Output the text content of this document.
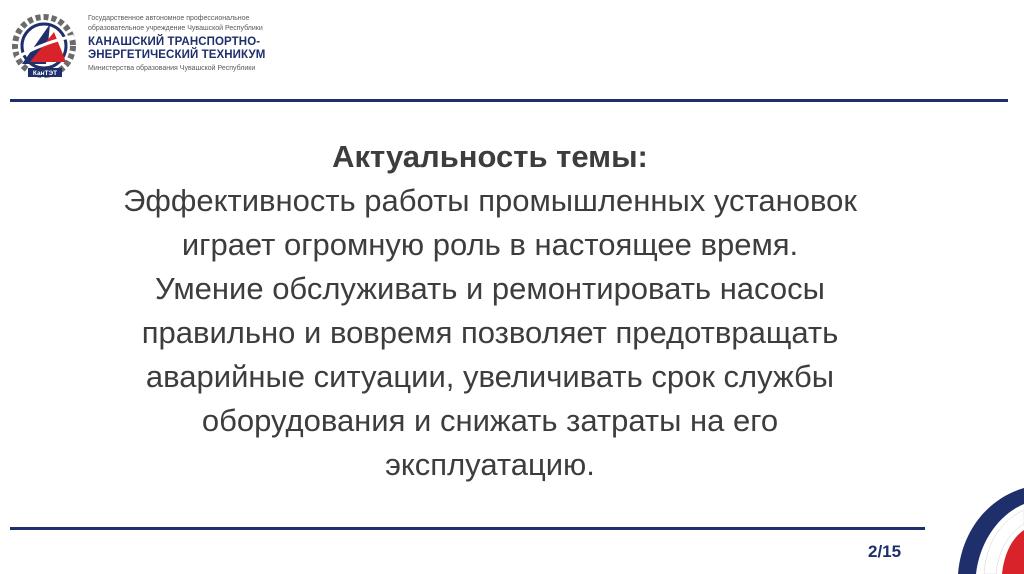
КанТЭТ
Государственное автономное профессиональное
образовательное учреждение Чувашской Республики
КАНАШСКИЙ ТРАНСПОРТНО-
ЭНЕРГЕТИЧЕСКИЙ ТЕХНИКУМ
Министерства образования Чувашской Республики
Актуальность темы:
Эффективность работы промышленных установок
играет огромную роль в настоящее время.
Умение обслуживать и ремонтировать насосы
правильно и вовремя позволяет предотвращать
аварийные ситуации, увеличивать срок службы
оборудования и снижать затраты на его
эксплуатацию.
2/15
